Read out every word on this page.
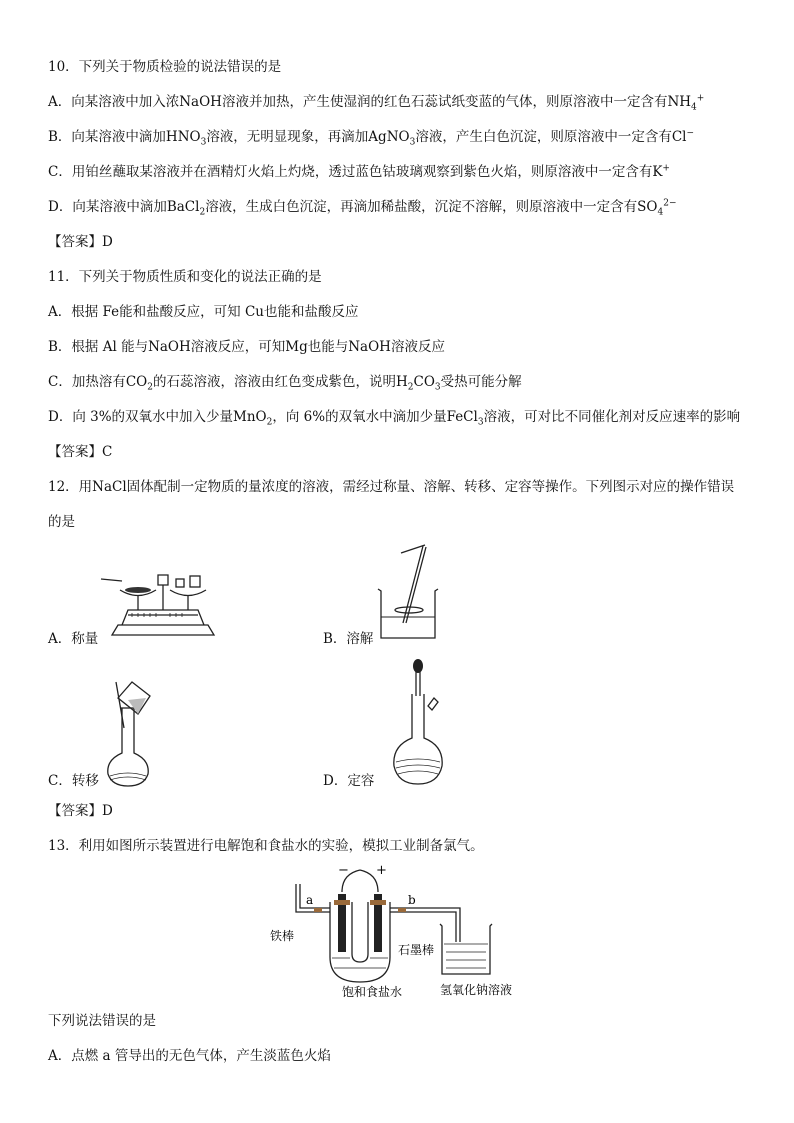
10．下列关于物质检验的说法错误的是
A．向某溶液中加入浓NaOH溶液并加热，产生使湿润的红色石蕊试纸变蓝的气体，则原溶液中一定含有$NH_4^+$
B．向某溶液中滴加$HNO_3$溶液，无明显现象，再滴加AgNO$_3$溶液，产生白色沉淀，则原溶液中一定含有Cl−
C．用铂丝蘸取某溶液并在酒精灯火焰上灼烧，透过蓝色钴玻璃观察到紫色火焰，则原溶液中一定含有K+
D．向某溶液中滴加BaCl$_2$溶液，生成白色沉淀，再滴加稀盐酸，沉淀不溶解，则原溶液中一定含有$SO_4^{2-}$
【答案】D
11．下列关于物质性质和变化的说法正确的是
A．根据 Fe能和盐酸反应，可知 Cu也能和盐酸反应
B．根据 Al 能与NaOH溶液反应，可知Mg也能与NaOH溶液反应
C．加热溶有$CO_2$的石蕊溶液，溶液由红色变成紫色，说明$H_2CO_3$受热可能分解
D．向 3%的双氧水中加入少量MnO$_2$，向 6%的双氧水中滴加少量FeCl$_3$溶液，可对比不同催化剂对反应速率的影响
【答案】C
12．用NaCl固体配制一定物质的量浓度的溶液，需经过称量、溶解、转移、定容等操作。下列图示对应的操作错误
的是
A．称量	B．溶解
C．转移	D．定容
【答案】D
13．利用如图所示装置进行电解饱和食盐水的实验，模拟工业制备氯气。
− +
a	b
铁棒
石墨棒
饱和食盐水	氢氧化钠溶液
下列说法错误的是
A．点燃 a 管导出的无色气体，产生淡蓝色火焰
